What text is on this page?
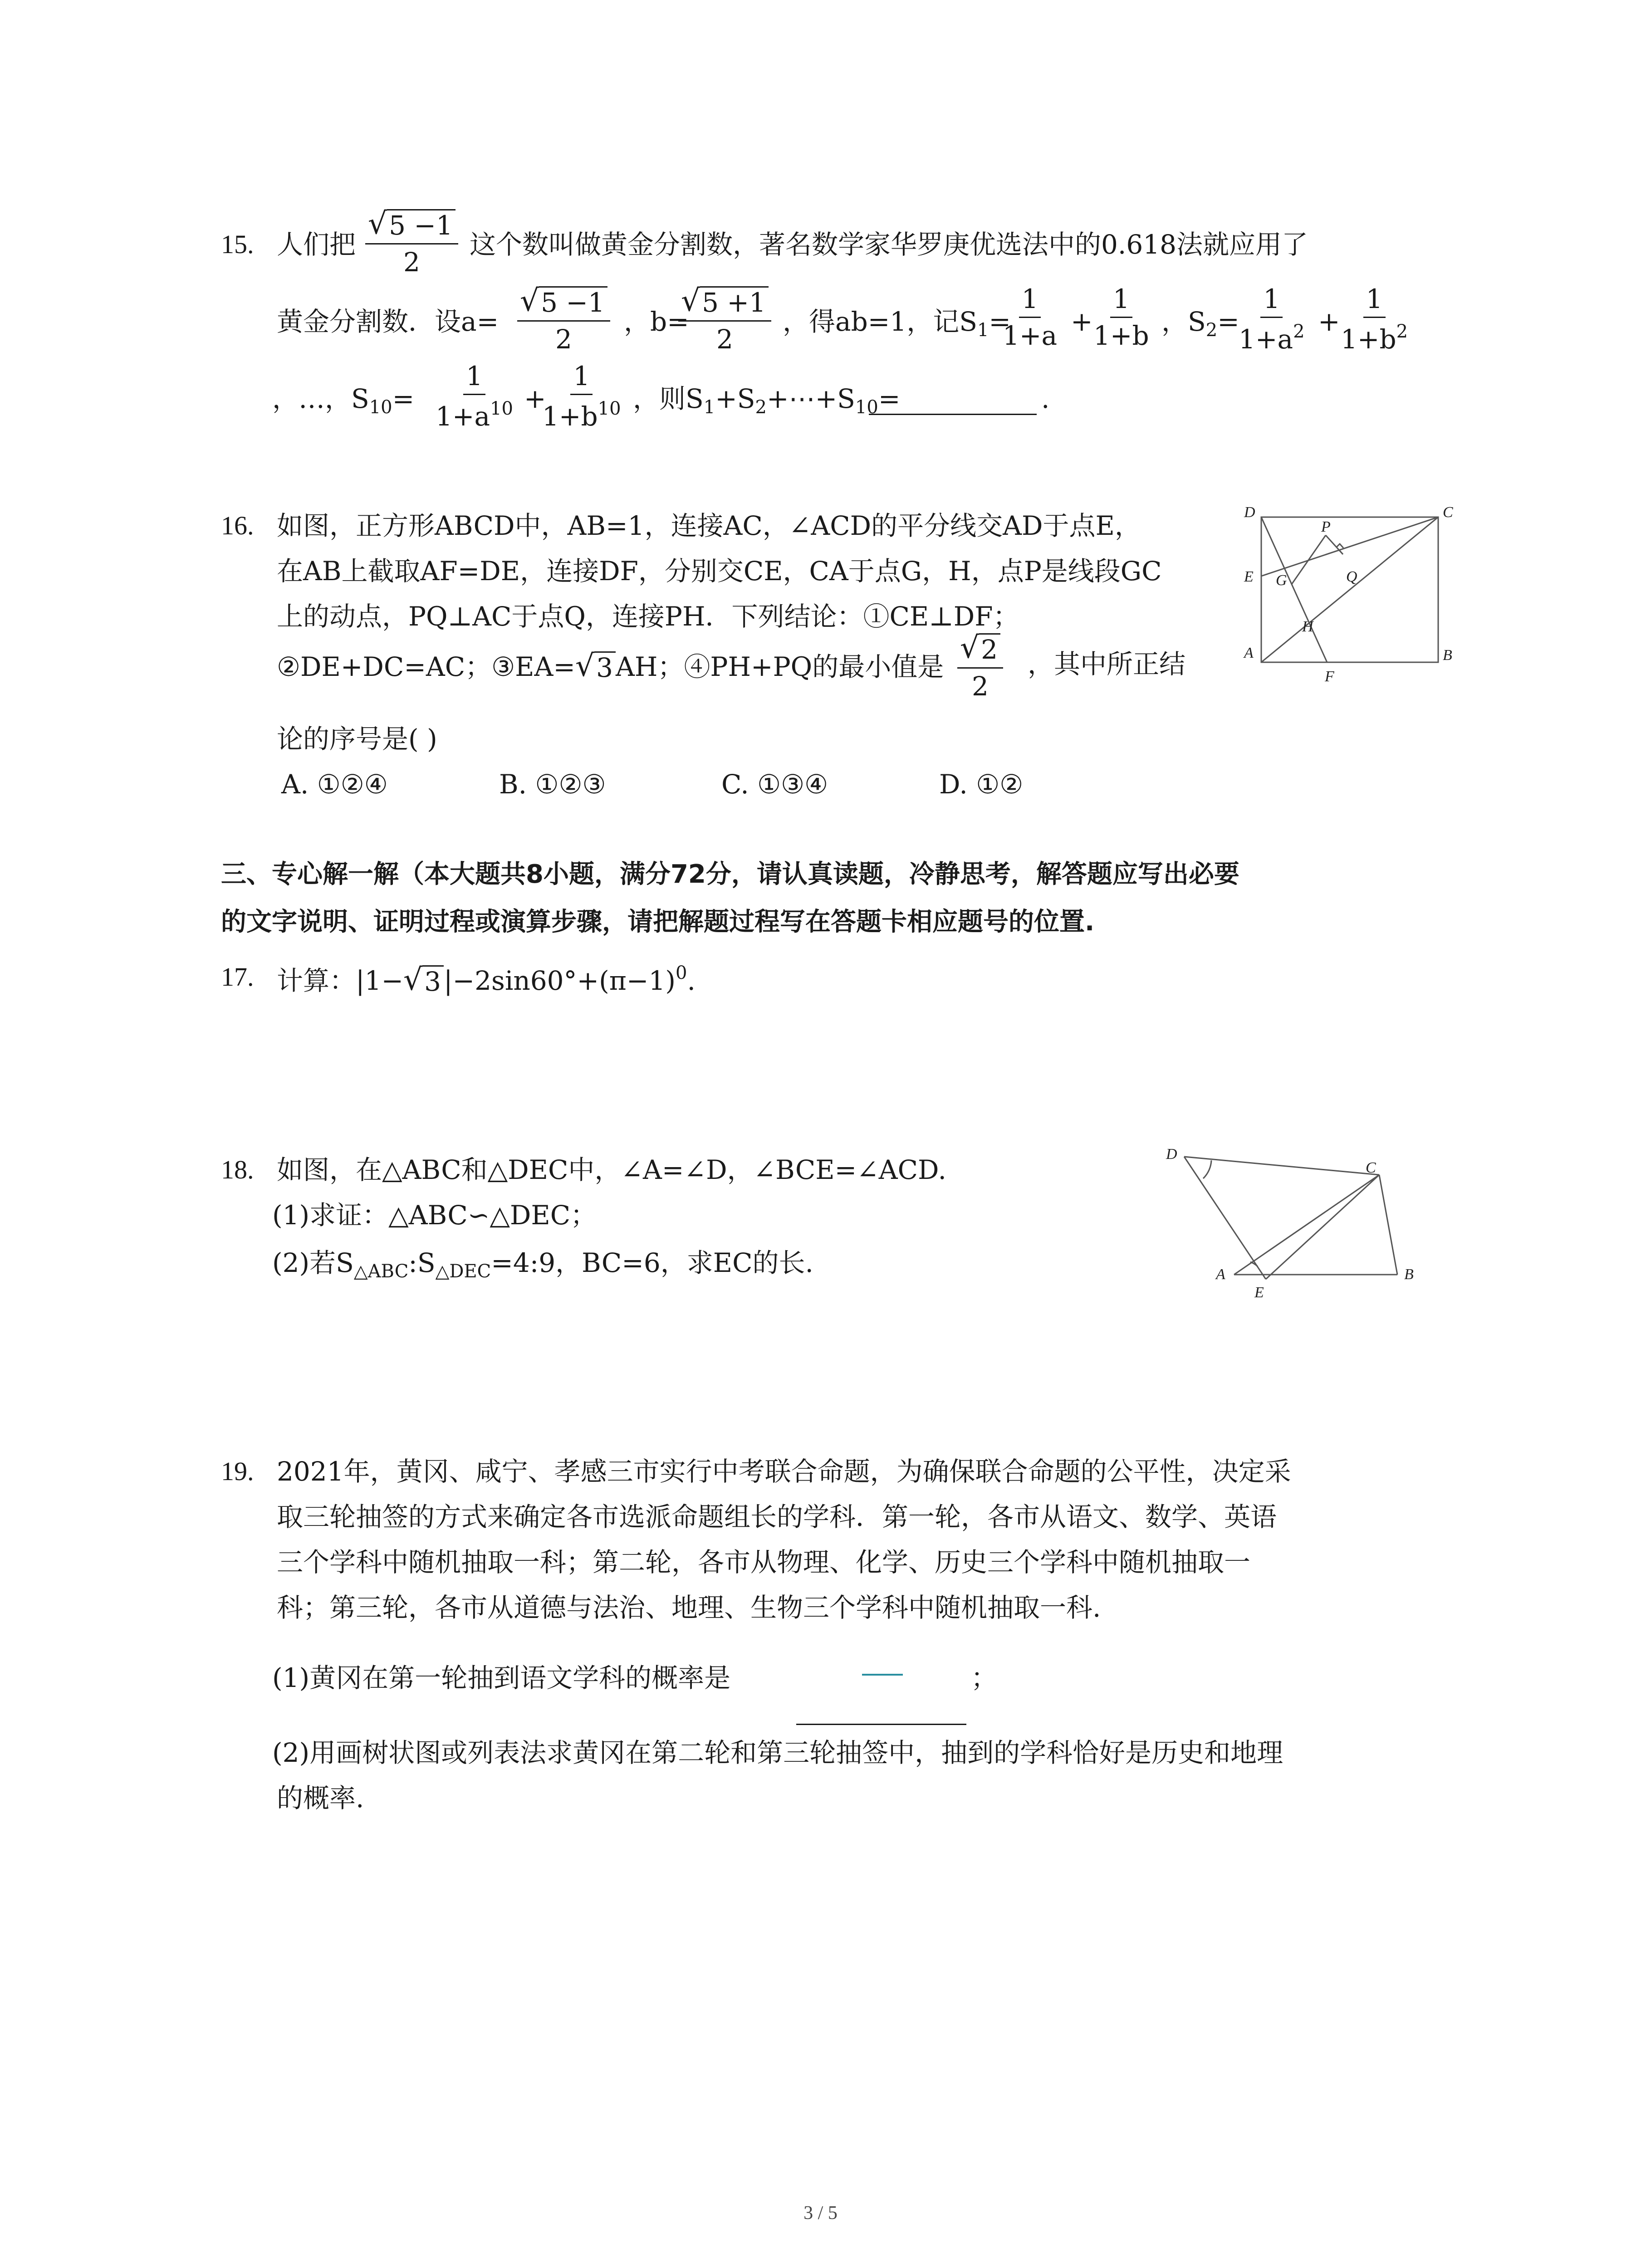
15. 人们把 $\frac{√ 5 -1}{2}$ 这个数叫做黄金分割数，著名数学家华罗庚优选法中的0.618法就应用了
黄金分割数．设$a= \frac{√ 5 -1}{2}$ ，b=
$\frac{√ 5 +1}{2}$ ，得ab=1，记$S_1=$
$\frac{1}{1+a} + \frac{1}{1+b}$ ，$S_2=$
$\frac{1}{1+a^2} + \frac{1}{1+b^2}$
，…，$S_{10}= \frac{1}{1+a^{10}}$ +
$\frac{1}{1+b^{10}}$ ，则$S_1+S_2+\cdots+S_{10}=$	.
16. 如图，正方形ABCD中，AB=1，连接AC，∠ACD的平分线交AD于点E，
在AB上截取AF=DE，连接DF，分别交CE，CA于点G，H，点P是线段GC
上的动点，PQ⊥AC于点Q，连接PH．下列结论：①CE⊥DF；
②DE+DC=AC；③EA= √ 3 AH；④PH+PQ的最小值是 $\frac{√ 2}{2}$ ，其中所正结
论的序号是( )
A. ①②④	B. ①②③	C. ①③④	D. ①②
D	C
P
E G	Q
H
A
F
B
三、专心解一解（本大题共8小题，满分72分，请认真读题，冷静思考，解答题应写出必要
的文字说明、证明过程或演算步骤，请把解题过程写在答题卡相应题号的位置.
17. 计算：|1− √ 3 $|-2\sin 60^\circ+(\pi-1)^0$.
18. 如图，在△ABC和△DEC中，∠A=∠D，∠BCE=∠ACD.
(1)求证：△ABC∽△DEC；
(2)若$S_{\triangle ABC}:S_{\triangle DEC}=4:9$，BC=6，求EC的长.
D
C
A
E
B
19. 2021年，黄冈、咸宁、孝感三市实行中考联合命题，为确保联合命题的公平性，决定采
取三轮抽签的方式来确定各市选派命题组长的学科．第一轮，各市从语文、数学、英语
三个学科中随机抽取一科；第二轮，各市从物理、化学、历史三个学科中随机抽取一
科；第三轮，各市从道德与法治、地理、生物三个学科中随机抽取一科.
(1)黄冈在第一轮抽到语文学科的概率是	；
(2)用画树状图或列表法求黄冈在第二轮和第三轮抽签中，抽到的学科恰好是历史和地理
的概率.
3 / 5
